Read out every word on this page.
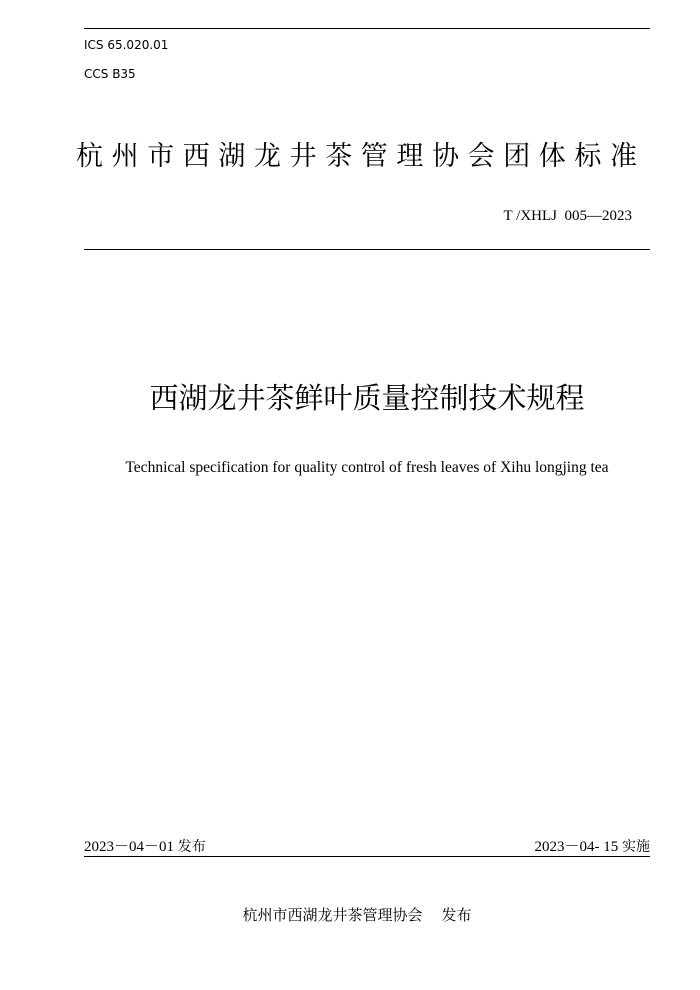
ICS 65.020.01
CCS B35
杭州市西湖龙井茶管理协会团体标准
T /XHLJ  005—2023
西湖龙井茶鲜叶质量控制技术规程
Technical specification for quality control of fresh leaves of Xihu longjing tea
2023－04－01 发布	2023－04- 15 实施
杭州市西湖龙井茶管理协会 发布
